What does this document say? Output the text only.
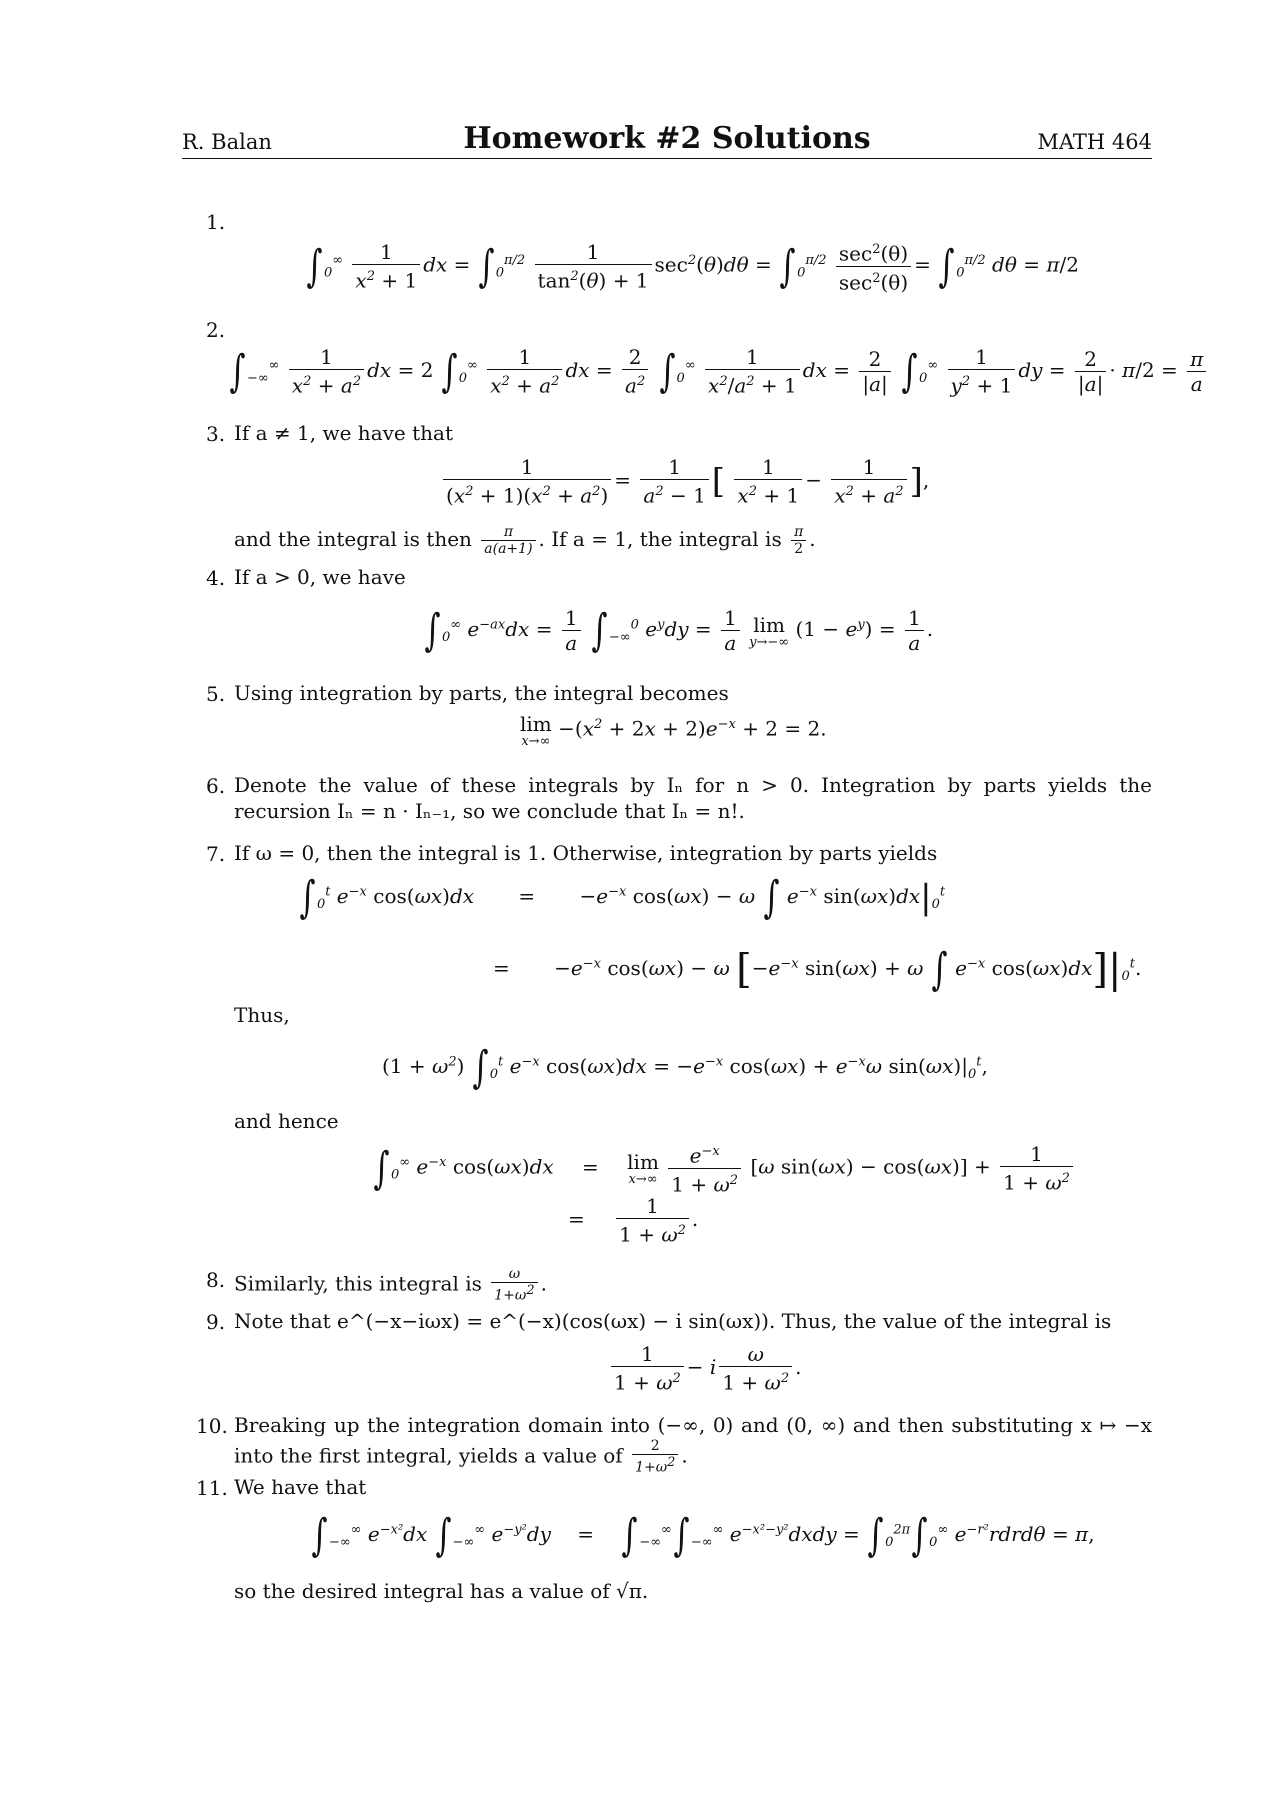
R. Balan	Homework #2 Solutions	MATH 464
1.
$\int_0^\infty \frac{1}{x^2 + 1}$ dx = $\int_0^{\pi/2} \frac{1}{\tan^2(\theta) + 1} \sec^2(\theta)d\theta = \int_0^{\pi/2} \frac{\sec^2(\theta)}{\sec^2(\theta)} = \int_0^{\pi/2}$ dθ = π/2
2.
$\int_{-\infty}^\infty \frac{1}{x^2 + a^2}$ dx = 2 $\int_0^\infty \frac{1}{x^2 + a^2}$ dx = $\frac{2}{a^2} \int_0^\infty \frac{1}{x^2/a^2 + 1}$ dx = $\frac{2}{|a|} \int_0^\infty \frac{1}{y^2 + 1}$ dy = $\frac{2}{|a|} \cdot \pi/2 = \frac{\pi}{a}$
3. If a ≠ 1, we have that
$\frac{1}{(x^2 + 1)(x^2 + a^2)} = \frac{1}{a^2 - 1}$ [ $\frac{1}{x^2 + 1} - \frac{1}{x^2 + a^2}$ ],
and the integral is then $\frac{\pi}{a(a+1)}$ . If a = 1, the integral is $\frac{\pi}{2}$ .
4. If a > 0, we have
$\int_0^\infty$ $e^{-ax}dx = \frac{1}{a} \int_{-\infty}^0$ $e^ydy = \frac{1}{a}$ lim
y→−∞
$(1 - e^y) = \frac{1}{a}$ .
5. Using integration by parts, the integral becomes
lim
x→∞
$-(x^2 + 2x + 2)e^{-x} + 2 = 2$.
6. Denote the value of these integrals by Iₙ for n > 0. Integration by parts yields the recursion Iₙ = n · Iₙ₋₁, so we conclude that Iₙ = n!.
7. If ω = 0, then the integral is 1. Otherwise, integration by parts yields
$\int_0^t$ $e^{-x}$ $\cos(\omega x)dx = -e^{-x}$ cos(ωx) − ω ∫ $e^{-x}$ $\sin(\omega x)dx|_0^t$
= $-e^{-x}$ cos(ωx) − ω [$-e^{-x}$ sin(ωx) + ω ∫ $e^{-x}$ $\cos(\omega x)dx]|_0^t$.
Thus,
$(1 + \omega^2)$ $\int_0^t$ $e^{-x}$ $\cos(\omega x)dx = -e^{-x}$ $\cos(\omega x) + e^{-x}\omega$ $\sin(\omega x)|_0^t$,
and hence
$\int_0^\infty$ $e^{-x}$ cos(ωx)dx = lim
x→∞
$\frac{e^{-x}}{1 + \omega^2} [\omega$ $\sin(\omega x) - \cos(\omega x)] + \frac{1}{1 + \omega^2}$
= $\frac{1}{1 + \omega^2}$ .
8. Similarly, this integral is $\frac{\omega}{1+\omega^2}$ .
9. Note that e^(−x−iωx) = e^(−x)(cos(ωx) − i sin(ωx)). Thus, the value of the integral is
$\frac{1}{1 + \omega^2} - i \frac{\omega}{1 + \omega^2}$ .
10. Breaking up the integration domain into (−∞, 0) and (0, ∞) and then substituting x ↦ −x into the first integral, yields a value of $\frac{2}{1+\omega^2}$ .
11. We have that
$\int_{-\infty}^\infty$ $e^{-x^2}dx$ $\int_{-\infty}^\infty$ $e^{-y^2}dy = \int_{-\infty}^\infty\int_{-\infty}^\infty$ $e^{-x^2-y^2}dxdy = \int_0^{2\pi}\int_0^\infty$ $e^{-r^2}rdrd\theta = \pi$,
so the desired integral has a value of √π.
